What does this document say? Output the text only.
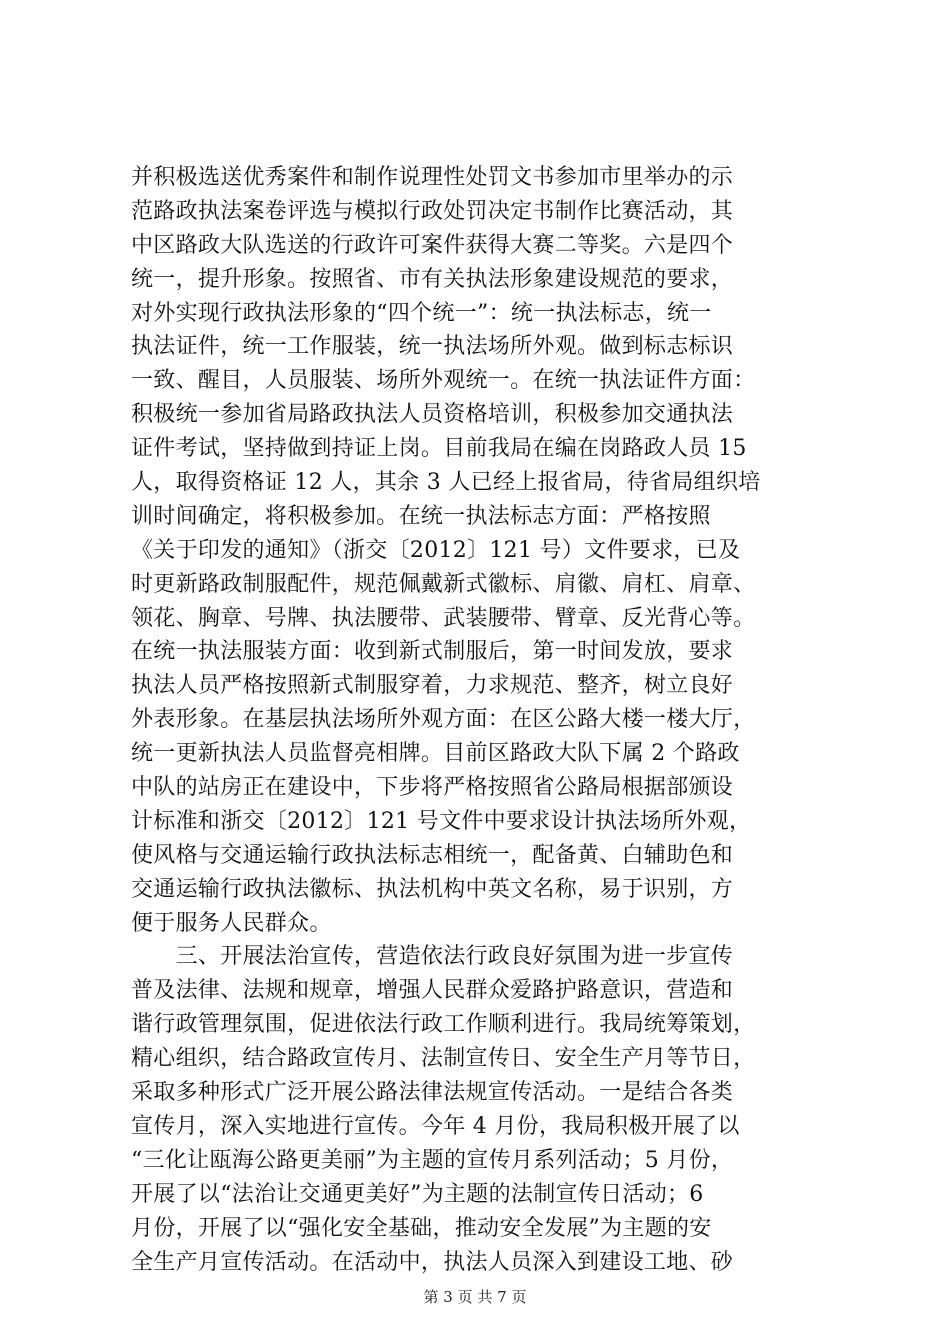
并积极选送优秀案件和制作说理性处罚文书参加市里举办的示
范路政执法案卷评选与模拟行政处罚决定书制作比赛活动，其
中区路政大队选送的行政许可案件获得大赛二等奖。六是四个
统一，提升形象。按照省、市有关执法形象建设规范的要求，
对外实现行政执法形象的“四个统一”：统一执法标志，统一
执法证件，统一工作服装，统一执法场所外观。做到标志标识
一致、醒目，人员服装、场所外观统一。在统一执法证件方面：
积极统一参加省局路政执法人员资格培训，积极参加交通执法
证件考试，坚持做到持证上岗。目前我局在编在岗路政人员 15
人，取得资格证 12 人，其余 3 人已经上报省局，待省局组织培
训时间确定，将积极参加。在统一执法标志方面：严格按照
《关于印发的通知》（浙交〔2012〕121 号）文件要求，已及
时更新路政制服配件，规范佩戴新式徽标、肩徽、肩杠、肩章、
领花、胸章、号牌、执法腰带、武装腰带、臂章、反光背心等。
在统一执法服装方面：收到新式制服后，第一时间发放，要求
执法人员严格按照新式制服穿着，力求规范、整齐，树立良好
外表形象。在基层执法场所外观方面：在区公路大楼一楼大厅，
统一更新执法人员监督亮相牌。目前区路政大队下属 2 个路政
中队的站房正在建设中，下步将严格按照省公路局根据部颁设
计标准和浙交〔2012〕121 号文件中要求设计执法场所外观，
使风格与交通运输行政执法标志相统一，配备黄、白辅助色和
交通运输行政执法徽标、执法机构中英文名称，易于识别，方
便于服务人民群众。
　　三、开展法治宣传，营造依法行政良好氛围为进一步宣传
普及法律、法规和规章，增强人民群众爱路护路意识，营造和
谐行政管理氛围，促进依法行政工作顺利进行。我局统筹策划，
精心组织，结合路政宣传月、法制宣传日、安全生产月等节日，
采取多种形式广泛开展公路法律法规宣传活动。一是结合各类
宣传月，深入实地进行宣传。今年 4 月份，我局积极开展了以
“三化让瓯海公路更美丽”为主题的宣传月系列活动；5 月份，
开展了以“法治让交通更美好”为主题的法制宣传日活动；6
月份，开展了以“强化安全基础，推动安全发展”为主题的安
全生产月宣传活动。在活动中，执法人员深入到建设工地、砂
第 3 页 共 7 页
